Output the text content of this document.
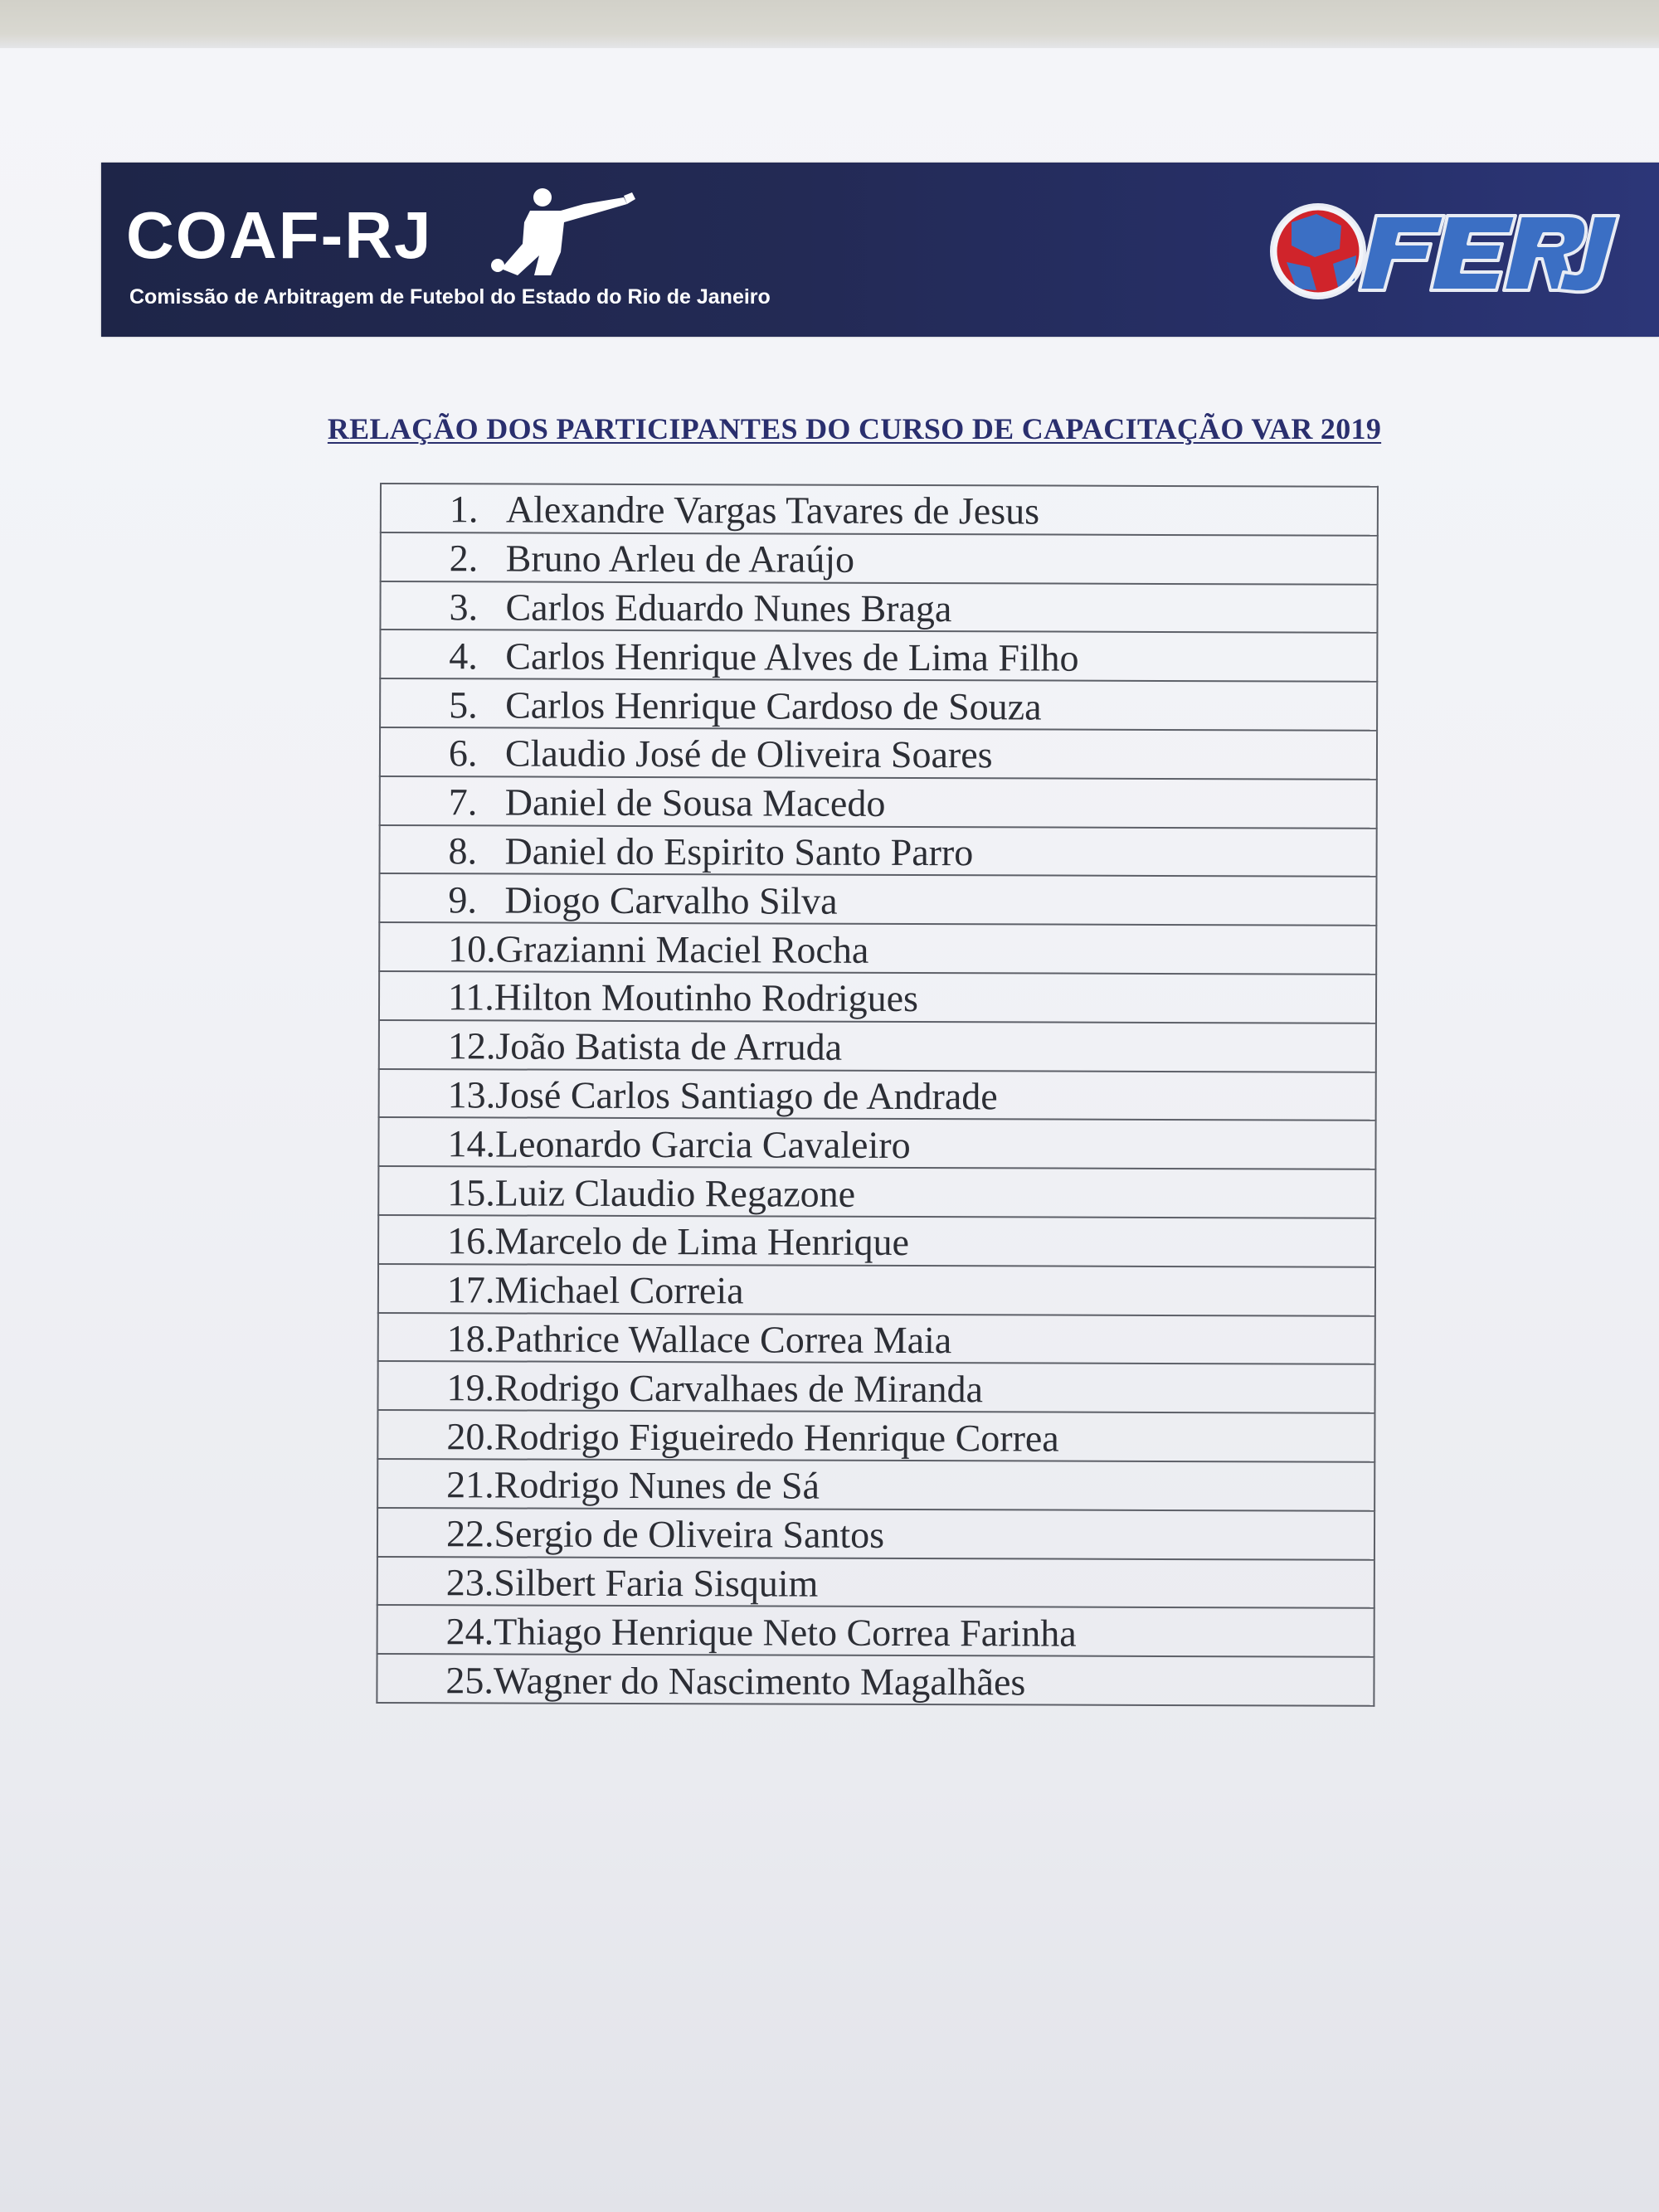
COAF-RJ
Comissão de Arbitragem de Futebol do Estado do Rio de Janeiro
RELAÇÃO DOS PARTICIPANTES DO CURSO DE CAPACITAÇÃO VAR 2019
1. Alexandre Vargas Tavares de Jesus

2. Bruno Arleu de Araújo

3. Carlos Eduardo Nunes Braga

4. Carlos Henrique Alves de Lima Filho

5. Carlos Henrique Cardoso de Souza

6. Claudio José de Oliveira Soares

7. Daniel de Sousa Macedo

8. Daniel do Espirito Santo Parro

9. Diogo Carvalho Silva

10.Grazianni Maciel Rocha

11.Hilton Moutinho Rodrigues

12.João Batista de Arruda

13.José Carlos Santiago de Andrade

14.Leonardo Garcia Cavaleiro

15.Luiz Claudio Regazone

16.Marcelo de Lima Henrique

17.Michael Correia

18.Pathrice Wallace Correa Maia

19.Rodrigo Carvalhaes de Miranda

20.Rodrigo Figueiredo Henrique Correa

21.Rodrigo Nunes de Sá

22.Sergio de Oliveira Santos

23.Silbert Faria Sisquim

24.Thiago Henrique Neto Correa Farinha

25.Wagner do Nascimento Magalhães
